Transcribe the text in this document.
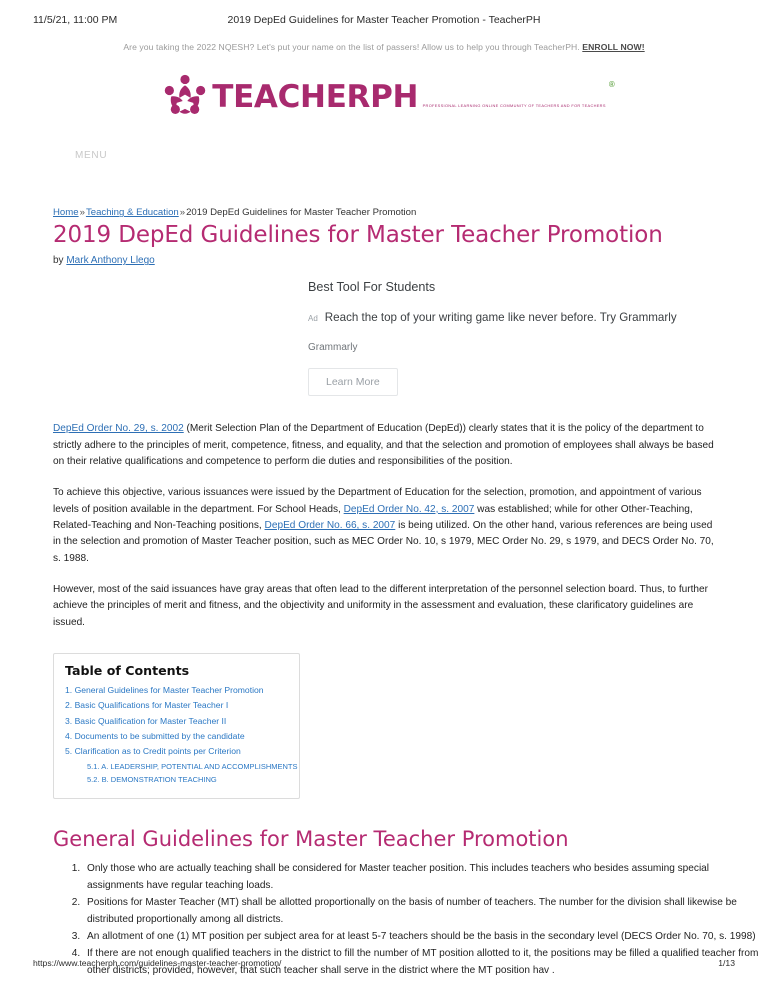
11/5/21, 11:00 PM	2019 DepEd Guidelines for Master Teacher Promotion - TeacherPH
Are you taking the 2022 NQESH? Let's put your name on the list of passers! Allow us to help you through TeacherPH. ENROLL NOW!
TEACHERPH	®
PROFESSIONAL LEARNING ONLINE COMMUNITY OF TEACHERS AND FOR TEACHERS
MENU
Home»Teaching & Education»2019 DepEd Guidelines for Master Teacher Promotion
2019 DepEd Guidelines for Master Teacher Promotion
by Mark Anthony Llego
Best Tool For Students
Ad Reach the top of your writing game like never before. Try Grammarly
Grammarly
Learn More

DepEd Order No. 29, s. 2002 (Merit Selection Plan of the Department of Education (DepEd)) clearly states that it is the policy of the department to strictly adhere to the principles of merit, competence, fitness, and equality, and that the selection and promotion of employees shall always be based on their relative qualifications and competence to perform die duties and responsibilities of the position.

To achieve this objective, various issuances were issued by the Department of Education for the selection, promotion, and appointment of various levels of position available in the department. For School Heads, DepEd Order No. 42, s. 2007 was established; while for other Other-Teaching, Related-Teaching and Non-Teaching positions, DepEd Order No. 66, s. 2007 is being utilized. On the other hand, various references are being used in the selection and promotion of Master Teacher position, such as MEC Order No. 10, s 1979, MEC Order No. 29, s 1979, and DECS Order No. 70, s. 1988.

However, most of the said issuances have gray areas that often lead to the different interpretation of the personnel selection board. Thus, to further achieve the principles of merit and fitness, and the objectivity and uniformity in the assessment and evaluation, these clarificatory guidelines are issued.

Table of Contents
1. General Guidelines for Master Teacher Promotion
2. Basic Qualifications for Master Teacher I
3. Basic Qualification for Master Teacher II
4. Documents to be submitted by the candidate
5. Clarification as to Credit points per Criterion
5.1. A. LEADERSHIP, POTENTIAL AND ACCOMPLISHMENTS
5.2. B. DEMONSTRATION TEACHING
General Guidelines for Master Teacher Promotion
1. Only those who are actually teaching shall be considered for Master teacher position. This includes teachers who besides assuming special assignments have regular teaching loads.
2. Positions for Master Teacher (MT) shall be allotted proportionally on the basis of number of teachers. The number for the division shall likewise be distributed proportionally among all districts.
3. An allotment of one (1) MT position per subject area for at least 5-7 teachers should be the basis in the secondary level (DECS Order No. 70, s. 1998)
4. If there are not enough qualified teachers in the district to fill the number of MT position allotted to it, the positions may be filled a qualified teacher from other districts; provided, however, that such teacher shall serve in the district where the MT position hav .
https://www.teacherph.com/guidelines-master-teacher-promotion/	1/13
